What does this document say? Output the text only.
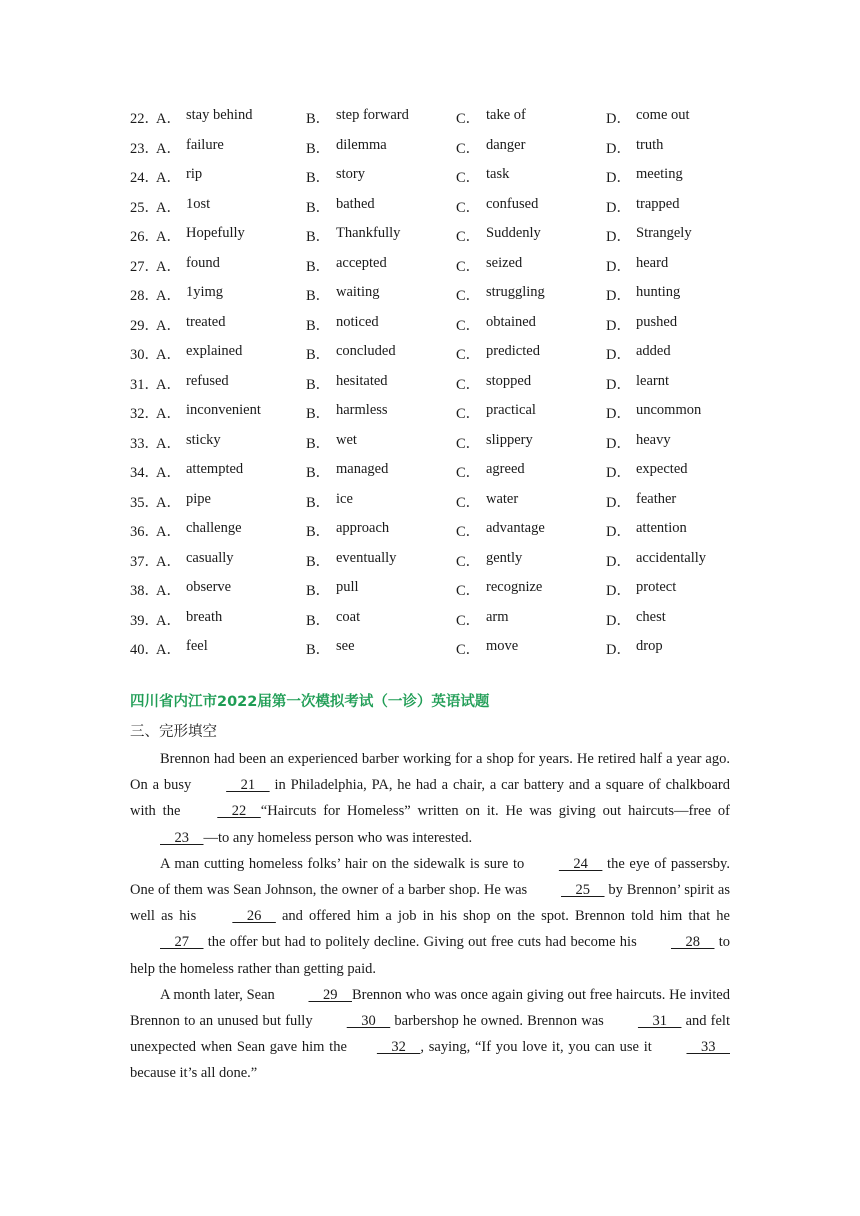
22．
A． stay behind	B． step forward	C． take of	D． come out
23．
A． failure	B． dilemma	C． danger	D． truth
24．
A． rip	B． story	C． task	D． meeting
25．
A． 1ost	B． bathed	C． confused	D． trapped
26．
A． Hopefully	B． Thankfully	C． Suddenly	D． Strangely
27．
A． found	B． accepted	C． seized	D． heard
28．
A． 1yimg	B． waiting	C． struggling	D． hunting
29．
A． treated	B． noticed	C． obtained	D． pushed
30．
A． explained	B． concluded	C． predicted	D． added
31．
A． refused	B． hesitated	C． stopped	D． learnt
32．
A． inconvenient	B． harmless	C． practical	D． uncommon
33．
A． sticky	B． wet	C． slippery	D． heavy
34．
A． attempted	B． managed	C． agreed	D． expected
35．
A． pipe	B． ice	C． water	D． feather
36．
A． challenge	B． approach	C． advantage	D． attention
37．
A． casually	B． eventually	C． gently	D． accidentally
38．
A． observe	B． pull	C． recognize	D． protect
39．
A． breath	B． coat	C． arm	D． chest
40．
A． feel	B． see	C． move	D． drop
四川省内江市2022届第一次模拟考试（一诊）英语试题
三、完形填空

Brennon had been an experienced barber working for a shop for years. He retired half a year ago. On a busy     21     in Philadelphia, PA, he had a chair, a car battery and a square of chalkboard with the     22    “Haircuts for Homeless” written on it. He was giving out haircuts—free of     23    —to any homeless person who was interested.

A man cutting homeless folks’ hair on the sidewalk is sure to     24     the eye of passersby. One of them was Sean Johnson, the owner of a barber shop. He was     25     by Brennon’ spirit as well as his     26     and offered him a job in his shop on the spot. Brennon told him that he     27     the offer but had to politely decline. Giving out free cuts had become his     28     to help the homeless rather than getting paid.

A month later, Sean     29    Brennon who was once again giving out free haircuts. He invited Brennon to an unused but fully     30     barbershop he owned. Brennon was     31     and felt unexpected when Sean gave him the    32    , saying, “If you love it, you can use it     33     because it’s all done.”
